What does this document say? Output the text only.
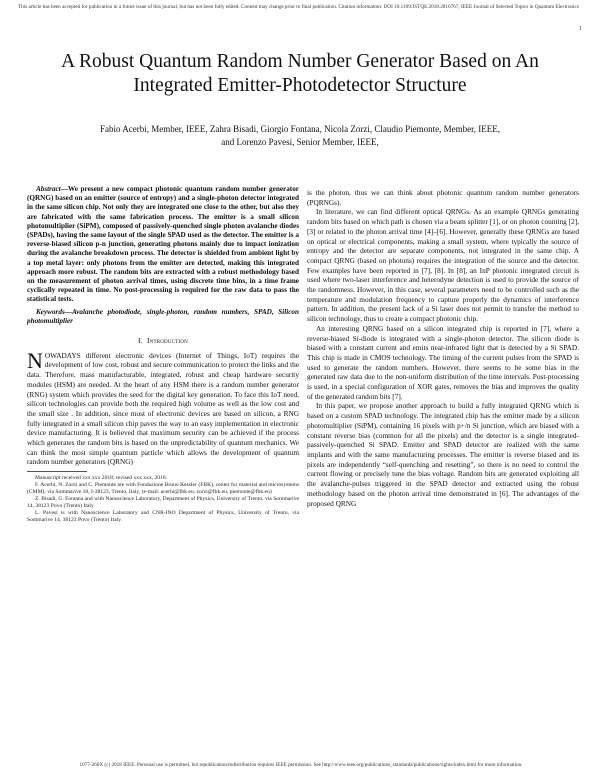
This article has been accepted for publication in a future issue of this journal, but has not been fully edited. Content may change prior to final publication. Citation information: DOI 10.1109/JSTQE.2018.2816767, IEEE Journal of Selected Topics in Quantum Electronics
1
A Robust Quantum Random Number Generator Based on An Integrated Emitter-Photodetector Structure
Fabio Acerbi, Member, IEEE, Zahra Bisadi, Giorgio Fontana, Nicola Zorzi, Claudio Piemonte, Member, IEEE,
and Lorenzo Pavesi, Senior Member, IEEE,

Abstract—We present a new compact photonic quantum random number generator (QRNG) based on an emitter (source of entropy) and a single-photon detector integrated in the same silicon chip. Not only they are integrated one close to the other, but also they are fabricated with the same fabrication process. The emitter is a small silicon photomultiplier (SiPM), composed of passively-quenched single photon avalanche diodes (SPADs), having the same layout of the single SPAD used as the detector. The emitter is a reverse-biased silicon p-n junction, generating photons mainly due to impact ionization during the avalanche breakdown process. The detector is shielded from ambient light by a top metal layer: only photons from the emitter are detected, making this integrated approach more robust. The random bits are extracted with a robust methodology based on the measurement of photon arrival times, using discrete time bins, in a time frame cyclically repeated in time. No post-processing is required for the raw data to pass the statistical tests.

Keywords—Avalanche photodiode, single-photon, random numbers, SPAD, Silicon photomultiplier

I. Introduction

NOWADAYS different electronic devices (Internet of Things, IoT) requires the development of low cost, robust and secure communication to protect the links and the data. Therefore, mass manufacturable, integrated, robust and cheap hardware security modules (HSM) are needed. At the heart of any HSM there is a random number generator (RNG) system which provides the seed for the digital key generation. To face this IoT need, silicon technologies can provide both the required high volume as well as the low cost and the small size . In addition, since most of electronic devices are based on silicon, a RNG fully integrated in a small silicon chip paves the way to an easy implementation in electronic device manufacturing. It is believed that maximum security can be achieved if the process which generates the random bits is based on the unpredictability of quantum mechanics. We can think the most simple quantum particle which allows the development of quantum random number generators (QRNG)

Manuscript received xxx xxx 2018; revised xxx xxx, 2018.
F. Acerbi, N. Zorzi and C. Piemonte are with Fondazione Bruno Kessler (FBK), center for material and microsystems (CMM), via Sommarive 18, I-38123, Trento, Italy, (e-mail: acerbi@fbk.eu, zorzi@fbk.eu, piemonte@fbk.eu)
Z. Bisadi, G. Fontana and with Nanoscience Laboratory, Department of Physics, University of Trento, via Sommarive 14, 38123 Povo (Trento) Italy
L. Pavesi is with Nanoscience Laboratory and CNR-INO Department of Physics, University of Trento, via Sommarive 14, 38123 Povo (Trento) Italy.

is the photon, thus we can think about photonic quantum random number generators (PQRNGs).

In literature, we can find different optical QRNGs. As an example QRNGs generating random bits based on which path is chosen via a beam splitter [1], or on photon counting [2], [3] or related to the photon arrival time [4]–[6]. However, generally these QRNGs are based on optical or electrical components, making a small system, where typically the source of entropy and the detector are separate components, not integrated in the same chip. A compact QRNG (based on photons) requires the integration of the source and the detector. Few examples have been reported in [7], [8]. In [8], an InP photonic integrated circuit is used where two-laser interference and heterodyne detection is used to provide the source of the randomness. However, in this case, several parameters need to be controlled such as the temperature and modulation frequency to capture properly the dynamics of interference pattern. In addition, the present lack of a Si laser does not permit to transfer the method to silicon technology, thus to create a compact photonic chip.

An interesting QRNG based on a silicon integrated chip is reported in [7], where a reverse-biased Si-diode is integrated with a single-photon detector. The silicon diode is biased with a constant current and emits near-infrared light that is detected by a Si SPAD. This chip is made in CMOS technology. The timing of the current pulses from the SPAD is used to generate the random numbers. However, there seems to be some bias in the generated raw data due to the non-uniform distribution of the time intervals. Post-processing is used, in a special configuration of XOR gates, removes the bias and improves the quality of the generated random bits [7].

In this paper, we propose another approach to build a fully integrated QRNG which is based on a custom SPAD technology. The integrated chip has the emitter made by a silicon photomultiplier (SiPM), containing 16 pixels with p+/n Si junction, which are biased with a constant reverse bias (common for all the pixels) and the detector is a single integrated-passively-quenched Si SPAD. Emitter and SPAD detector are realized with the same implants and with the same manufacturing processes. The emitter is reverse biased and its pixels are independently “self-quenching and resetting”, so there is no need to control the current flowing or precisely tune the bias voltage. Random bits are generated exploiting all the avalanche-pulses triggered in the SPAD detector and extracted using the robust methodology based on the photon arrival time demonstrated in [6]. The advantages of the proposed QRNG

1077-260X (c) 2018 IEEE. Personal use is permitted, but republication/redistribution requires IEEE permission. See http://www.ieee.org/publications_standards/publications/rights/index.html for more information.
